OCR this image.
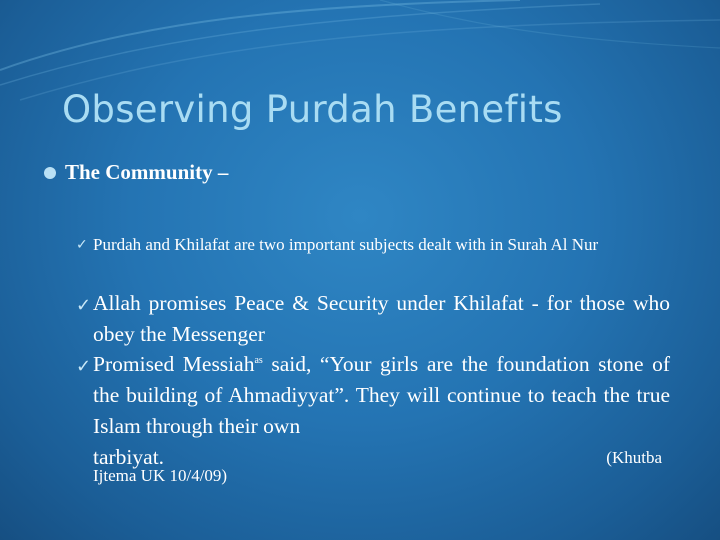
Observing Purdah Benefits
The Community –
✓ Purdah and Khilafat are two important subjects dealt with in Surah Al Nur
✓ Allah promises Peace & Security under Khilafat - for those who obey the Messenger
✓ Promised Messiah$^{as}$ said, “Your girls are the foundation stone of the building of Ahmadiyyat”. They will continue to teach the true Islam through their own
tarbiyat.	(Khutba
Ijtema UK 10/4/09)
